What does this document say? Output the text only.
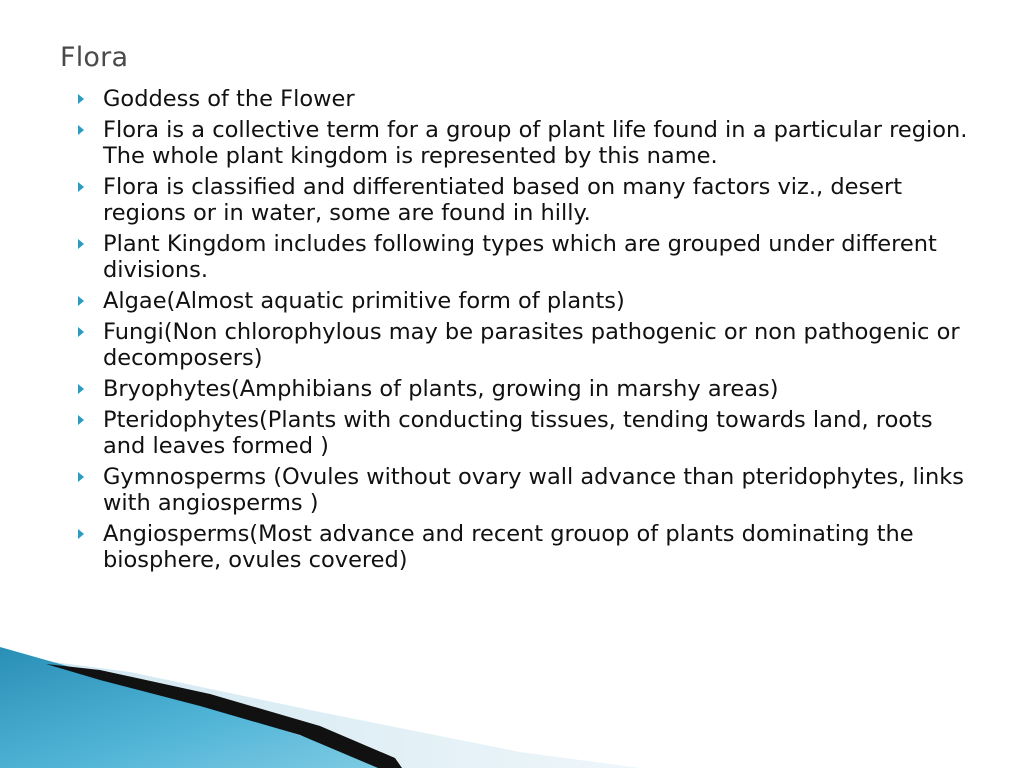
Flora
Goddess of the Flower
Flora is a collective term for a group of plant life found in a particular region. The whole plant kingdom is represented by this name.
Flora is classified and differentiated based on many factors viz., desert regions or in water, some are found in hilly.
Plant Kingdom includes following types which are grouped under different divisions.
Algae(Almost aquatic primitive form of plants)
Fungi(Non chlorophylous may be parasites pathogenic or non pathogenic or decomposers)
Bryophytes(Amphibians of plants, growing in marshy areas)
Pteridophytes(Plants with conducting tissues, tending towards land, roots and leaves formed )
Gymnosperms (Ovules without ovary wall advance than pteridophytes, links with angiosperms )
Angiosperms(Most advance and recent grouop of plants dominating the biosphere, ovules covered)
